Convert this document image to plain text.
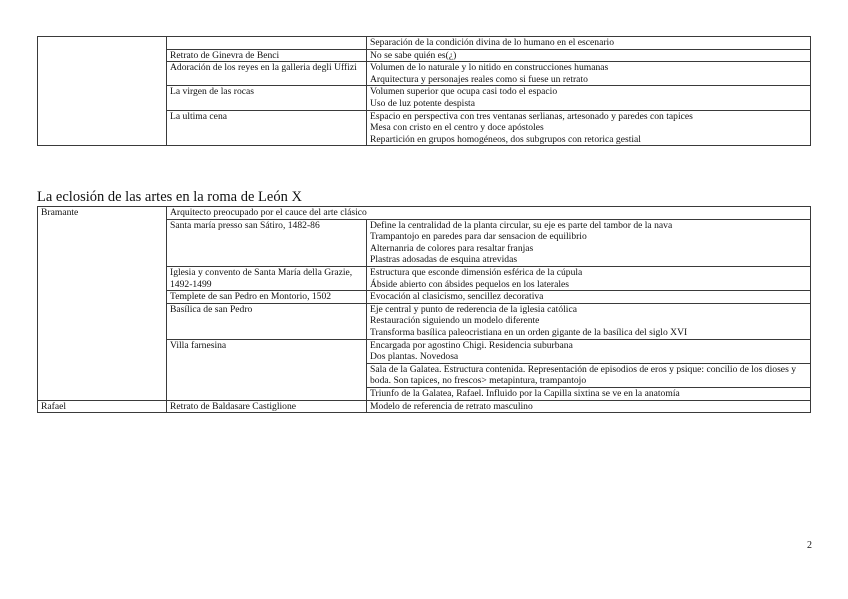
		Separación de la condición divina de lo humano en el escenario

	Retrato de Ginevra de Benci	No se sabe quién es(¿)

	Adoración de los reyes en la galleria degli Uffizi	Volumen de lo naturale y lo nitido en construcciones humanas
Arquitectura y personajes reales como si fuese un retrato

	La virgen de las rocas	Volumen superior que ocupa casi todo el espacio
Uso de luz potente despista

	La ultima cena	Espacio en perspectiva con tres ventanas serlianas, artesonado y paredes con tapices
Mesa con cristo en el centro y doce apóstoles
Repartición en grupos homogéneos, dos subgrupos con retorica gestial
La eclosión de las artes en la roma de León X
Bramante	Arquitecto preocupado por el cauce del arte clásico	
	Santa maría presso san Sátiro, 1482-86	Define la centralidad de la planta circular, su eje es parte del tambor de la nava
Trampantojo en paredes para dar sensacion de equilibrio
Alternanria de colores para resaltar franjas
Plastras adosadas de esquina atrevidas

	Iglesia y convento de Santa María della Grazie, 1492-1499	Estructura que esconde dimensión esférica de la cúpula
Ábside abierto con ábsides pequelos en los laterales

	Templete de san Pedro en Montorio, 1502	Evocación al clasicismo, sencillez decorativa

	Basílica de san Pedro	Eje central y punto de rederencia de la iglesia católica
Restauración siguiendo un modelo diferente
Transforma basílica paleocristiana en un orden gigante de la basílica del siglo XVI

	Villa farnesina	Encargada por agostino Chigi. Residencia suburbana
Dos plantas. Novedosa

		Sala de la Galatea. Estructura contenida. Representación de episodios de eros y psique: concilio de los dioses y boda. Son tapices, no frescos> metapintura, trampantojo

		Triunfo de la Galatea, Rafael. Influido por la Capilla sixtina se ve en la anatomía

Rafael	Retrato de Baldasare Castiglione	Modelo de referencia de retrato masculino
2
